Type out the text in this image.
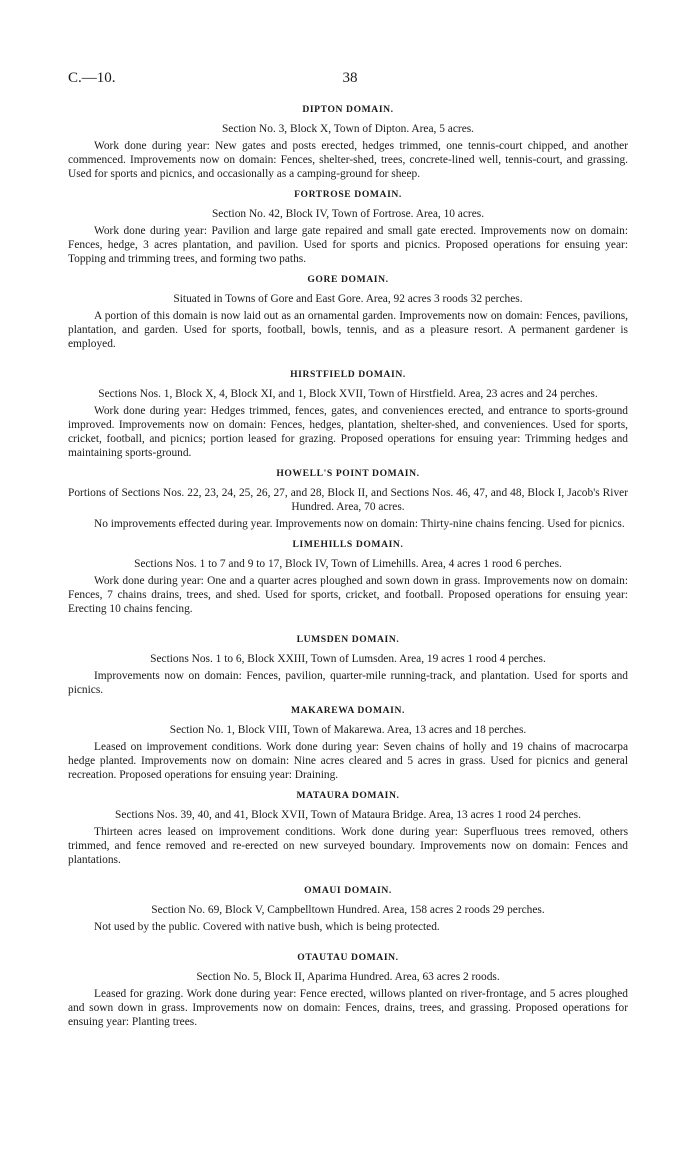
C.—10.	38
DIPTON DOMAIN.
Section No. 3, Block X, Town of Dipton. Area, 5 acres.

Work done during year: New gates and posts erected, hedges trimmed, one tennis-court chipped, and another commenced. Improvements now on domain: Fences, shelter-shed, trees, concrete-lined well, tennis-court, and grassing. Used for sports and picnics, and occasionally as a camping-ground for sheep.

FORTROSE DOMAIN.
Section No. 42, Block IV, Town of Fortrose. Area, 10 acres.

Work done during year: Pavilion and large gate repaired and small gate erected. Improvements now on domain: Fences, hedge, 3 acres plantation, and pavilion. Used for sports and picnics. Proposed operations for ensuing year: Topping and trimming trees, and forming two paths.

GORE DOMAIN.
Situated in Towns of Gore and East Gore. Area, 92 acres 3 roods 32 perches.

A portion of this domain is now laid out as an ornamental garden. Improvements now on domain: Fences, pavilions, plantation, and garden. Used for sports, football, bowls, tennis, and as a pleasure resort. A permanent gardener is employed.

HIRSTFIELD DOMAIN.
Sections Nos. 1, Block X, 4, Block XI, and 1, Block XVII, Town of Hirstfield. Area, 23 acres and 24 perches.

Work done during year: Hedges trimmed, fences, gates, and conveniences erected, and entrance to sports-ground improved. Improvements now on domain: Fences, hedges, plantation, shelter-shed, and conveniences. Used for sports, cricket, football, and picnics; portion leased for grazing. Proposed operations for ensuing year: Trimming hedges and maintaining sports-ground.

HOWELL'S POINT DOMAIN.
Portions of Sections Nos. 22, 23, 24, 25, 26, 27, and 28, Block II, and Sections Nos. 46, 47, and 48, Block I, Jacob's River Hundred. Area, 70 acres.

No improvements effected during year. Improvements now on domain: Thirty-nine chains fencing. Used for picnics.

LIMEHILLS DOMAIN.
Sections Nos. 1 to 7 and 9 to 17, Block IV, Town of Limehills. Area, 4 acres 1 rood 6 perches.

Work done during year: One and a quarter acres ploughed and sown down in grass. Improvements now on domain: Fences, 7 chains drains, trees, and shed. Used for sports, cricket, and football. Proposed operations for ensuing year: Erecting 10 chains fencing.

LUMSDEN DOMAIN.
Sections Nos. 1 to 6, Block XXIII, Town of Lumsden. Area, 19 acres 1 rood 4 perches.

Improvements now on domain: Fences, pavilion, quarter-mile running-track, and plantation. Used for sports and picnics.

MAKAREWA DOMAIN.
Section No. 1, Block VIII, Town of Makarewa. Area, 13 acres and 18 perches.

Leased on improvement conditions. Work done during year: Seven chains of holly and 19 chains of macrocarpa hedge planted. Improvements now on domain: Nine acres cleared and 5 acres in grass. Used for picnics and general recreation. Proposed operations for ensuing year: Draining.

MATAURA DOMAIN.
Sections Nos. 39, 40, and 41, Block XVII, Town of Mataura Bridge. Area, 13 acres 1 rood 24 perches.

Thirteen acres leased on improvement conditions. Work done during year: Superfluous trees removed, others trimmed, and fence removed and re-erected on new surveyed boundary. Improvements now on domain: Fences and plantations.

OMAUI DOMAIN.
Section No. 69, Block V, Campbelltown Hundred. Area, 158 acres 2 roods 29 perches.

Not used by the public. Covered with native bush, which is being protected.

OTAUTAU DOMAIN.
Section No. 5, Block II, Aparima Hundred. Area, 63 acres 2 roods.

Leased for grazing. Work done during year: Fence erected, willows planted on river-frontage, and 5 acres ploughed and sown down in grass. Improvements now on domain: Fences, drains, trees, and grassing. Proposed operations for ensuing year: Planting trees.
